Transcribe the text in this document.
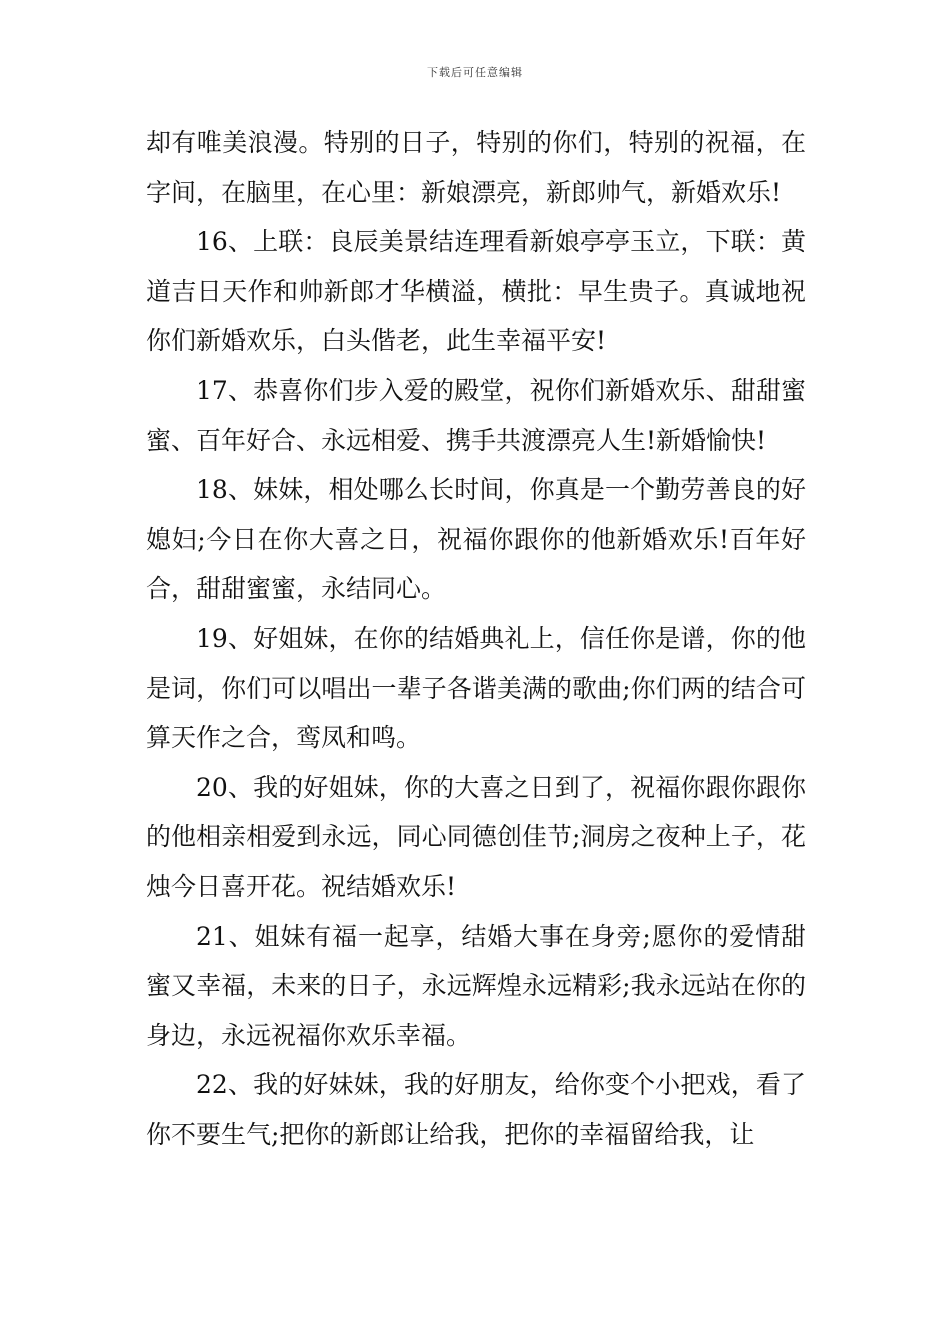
下载后可任意编辑

却有唯美浪漫。特别的日子，特别的你们，特别的祝福，在字间，在脑里，在心里：新娘漂亮，新郎帅气，新婚欢乐!

16、上联：良辰美景结连理看新娘亭亭玉立，下联：黄道吉日天作和帅新郎才华横溢，横批：早生贵子。真诚地祝你们新婚欢乐，白头偕老，此生幸福平安!

17、恭喜你们步入爱的殿堂，祝你们新婚欢乐、甜甜蜜蜜、百年好合、永远相爱、携手共渡漂亮人生!新婚愉快!

18、妹妹，相处哪么长时间，你真是一个勤劳善良的好媳妇;今日在你大喜之日，祝福你跟你的他新婚欢乐!百年好合，甜甜蜜蜜，永结同心。

19、好姐妹，在你的结婚典礼上，信任你是谱，你的他是词，你们可以唱出一辈子各谐美满的歌曲;你们两的结合可算天作之合，鸾凤和鸣。

20、我的好姐妹，你的大喜之日到了，祝福你跟你跟你的他相亲相爱到永远，同心同德创佳节;洞房之夜种上子，花烛今日喜开花。祝结婚欢乐!

21、姐妹有福一起享，结婚大事在身旁;愿你的爱情甜蜜又幸福，未来的日子，永远辉煌永远精彩;我永远站在你的身边，永远祝福你欢乐幸福。

22、我的好妹妹，我的好朋友，给你变个小把戏，看了你不要生气;把你的新郎让给我，把你的幸福留给我，让
